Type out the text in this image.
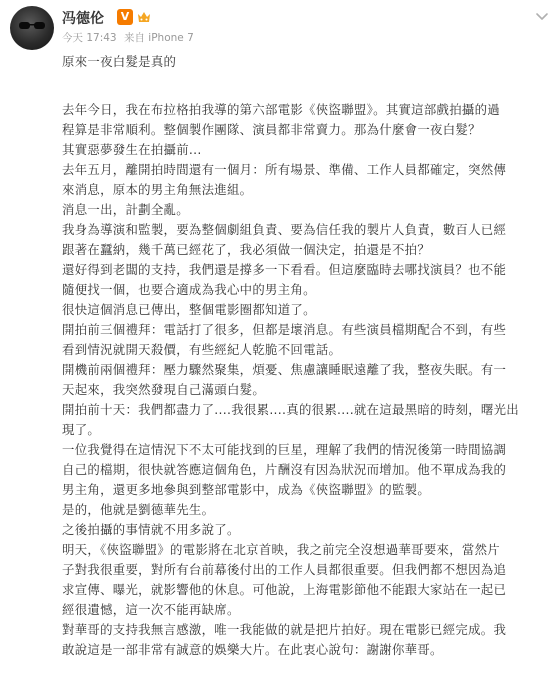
冯德伦	V
今天 17:43 来自 iPhone 7

原來一夜白髮是真的

去年今日，我在布拉格拍我導的第六部電影《俠盜聯盟》。其實這部戲拍攝的過

程算是非常順利。整個製作團隊、演員都非常賣力。那為什麼會一夜白髮？

其實惡夢發生在拍攝前...

去年五月，離開拍時間還有一個月：所有場景、準備、工作人員都確定，突然傳

來消息，原本的男主角無法進組。

消息一出，計劃全亂。

我身為導演和監製，要為整個劇組負責、要為信任我的製片人負責，數百人已經

跟著在蠶納，幾千萬已經花了，我必須做一個決定，拍還是不拍？

還好得到老闆的支持，我們還是撐多一下看看。但這麼臨時去哪找演員？也不能

隨便找一個，也要合適成為我心中的男主角。

很快這個消息已傳出，整個電影圈都知道了。

開拍前三個禮拜：電話打了很多，但都是壞消息。有些演員檔期配合不到，有些

看到情況就開天殺價，有些經紀人乾脆不回電話。

開機前兩個禮拜：壓力驟然聚集，煩憂、焦慮讓睡眠遠離了我，整夜失眠。有一

天起來，我突然發現自己滿頭白髮。

開拍前十天：我們都盡力了....我很累....真的很累....就在這最黑暗的時刻，曙光出

現了。

一位我覺得在這情況下不太可能找到的巨星，理解了我們的情況後第一時間協調

自己的檔期，很快就答應這個角色，片酬沒有因為狀況而增加。他不單成為我的

男主角，還更多地參與到整部電影中，成為《俠盜聯盟》的監製。

是的，他就是劉德華先生。

之後拍攝的事情就不用多說了。

明天，《俠盜聯盟》的電影將在北京首映，我之前完全沒想過華哥要來，當然片

子對我很重要，對所有台前幕後付出的工作人員都很重要。但我們都不想因為追

求宣傳、曝光，就影響他的休息。可他說，上海電影節他不能跟大家站在一起已

經很遺憾，這一次不能再缺席。

對華哥的支持我無言感激，唯一我能做的就是把片拍好。現在電影已經完成。我

敢說這是一部非常有誠意的娛樂大片。在此衷心說句：謝謝你華哥。
